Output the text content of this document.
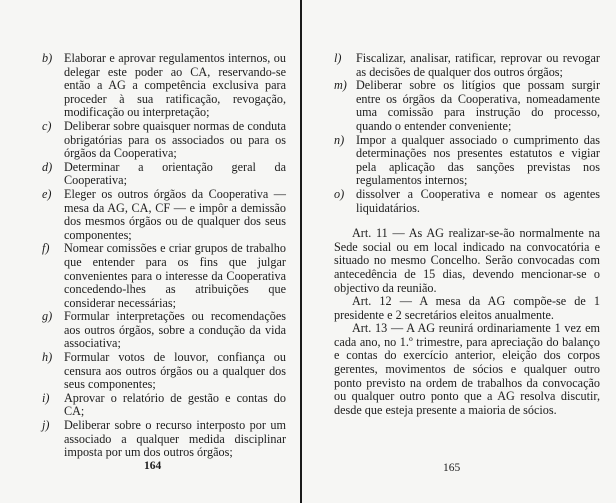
b) Elaborar e aprovar regulamentos internos, ou delegar este poder ao CA, reservando-se então a AG a competência exclusiva para proceder à sua ratificação, revogação, modificação ou interpretação;
c)	Deliberar sobre quaisquer normas de conduta obrigatórias para os associados ou para os órgãos da Cooperativa;
d) Determinar a orientação geral da Cooperativa;
e)	Eleger os outros órgãos da Cooperativa — mesa da AG, CA, CF — e impôr a demissão dos mesmos órgãos ou de qualquer dos seus componentes;
f)	Nomear comissões e criar grupos de trabalho que entender para os fins que julgar convenientes para o interesse da Cooperativa concedendo-lhes as atribuições que considerar necessárias;
g) Formular interpretações ou recomendações aos outros órgãos, sobre a condução da vida associativa;
h) Formular votos de louvor, confiança ou censura aos outros órgãos ou a qualquer dos seus componentes;
i)	Aprovar o relatório de gestão e contas do CA;
j)	Deliberar sobre o recurso interposto por um associado a qualquer medida disciplinar imposta por um dos outros órgãos;
164
l)	Fiscalizar, analisar, ratificar, reprovar ou revogar as decisões de qualquer dos outros órgãos;
m) Deliberar sobre os litígios que possam surgir entre os órgãos da Cooperativa, nomeadamente uma comissão para instrução do processo, quando o entender conveniente;
n) Impor a qualquer associado o cumprimento das determinações nos presentes estatutos e vigiar pela aplicação das sanções previstas nos regulamentos internos;
o) dissolver a Cooperativa e nomear os agentes liquidatários.

Art. 11 — As AG realizar-se-ão normalmente na Sede social ou em local indicado na convocatória e situado no mesmo Concelho. Serão convocadas com antecedência de 15 dias, devendo mencionar-se o objectivo da reunião.

Art. 12 — A mesa da AG compõe-se de 1 presidente e 2 secretários eleitos anualmente.

Art. 13 — A AG reunirá ordinariamente 1 vez em cada ano, no 1.º trimestre, para apreciação do balanço e contas do exercício anterior, eleição dos corpos gerentes, movimentos de sócios e qualquer outro ponto previsto na ordem de trabalhos da convocação ou qualquer outro ponto que a AG resolva discutir, desde que esteja presente a maioria de sócios.

165
